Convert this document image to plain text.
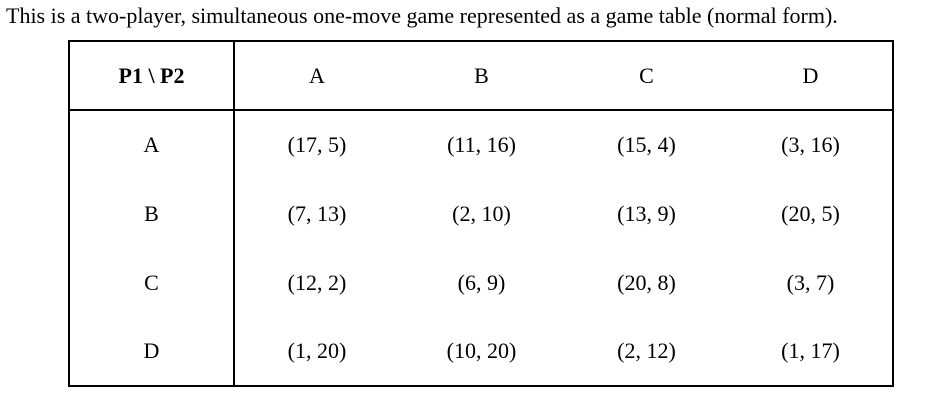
This is a two-player, simultaneous one-move game represented as a game table (normal form).
P1 \ P2	A	B	C	D
A	(17, 5)	(11, 16)	(15, 4)	(3, 16)
B	(7, 13)	(2, 10)	(13, 9)	(20, 5)
C	(12, 2)	(6, 9)	(20, 8)	(3, 7)
D	(1, 20)	(10, 20)	(2, 12)	(1, 17)
